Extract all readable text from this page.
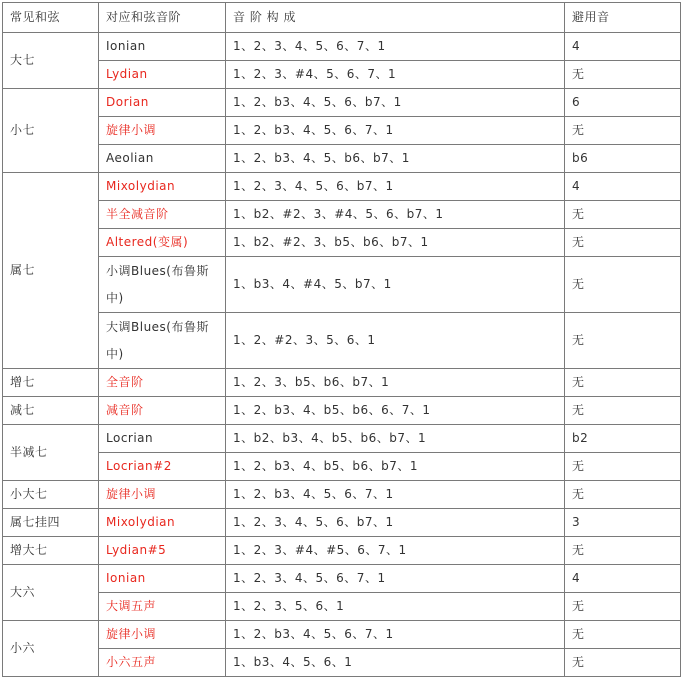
常见和弦	对应和弦音阶	音 阶 构 成	避用音
大七	Ionian	1、2、3、4、5、6、7、1	4
	Lydian	1、2、3、#4、5、6、7、1	无
小七	Dorian	1、2、b3、4、5、6、b7、1	6
	旋律小调	1、2、b3、4、5、6、7、1	无
	Aeolian	1、2、b3、4、5、b6、b7、1	b6
属七	Mixolydian	1、2、3、4、5、6、b7、1	4
	半全减音阶	1、b2、#2、3、#4、5、6、b7、1	无
	Altered(变属)	1、b2、#2、3、b5、b6、b7、1	无
	小调Blues(布鲁斯中)	1、b3、4、#4、5、b7、1	无
	大调Blues(布鲁斯中)	1、2、#2、3、5、6、1	无
增七	全音阶	1、2、3、b5、b6、b7、1	无
减七	减音阶	1、2、b3、4、b5、b6、6、7、1	无
半减七	Locrian	1、b2、b3、4、b5、b6、b7、1	b2
	Locrian#2	1、2、b3、4、b5、b6、b7、1	无
小大七	旋律小调	1、2、b3、4、5、6、7、1	无
属七挂四	Mixolydian	1、2、3、4、5、6、b7、1	3
增大七	Lydian#5	1、2、3、#4、#5、6、7、1	无
大六	Ionian	1、2、3、4、5、6、7、1	4
	大调五声	1、2、3、5、6、1	无
小六	旋律小调	1、2、b3、4、5、6、7、1	无
	小六五声	1、b3、4、5、6、1	无
